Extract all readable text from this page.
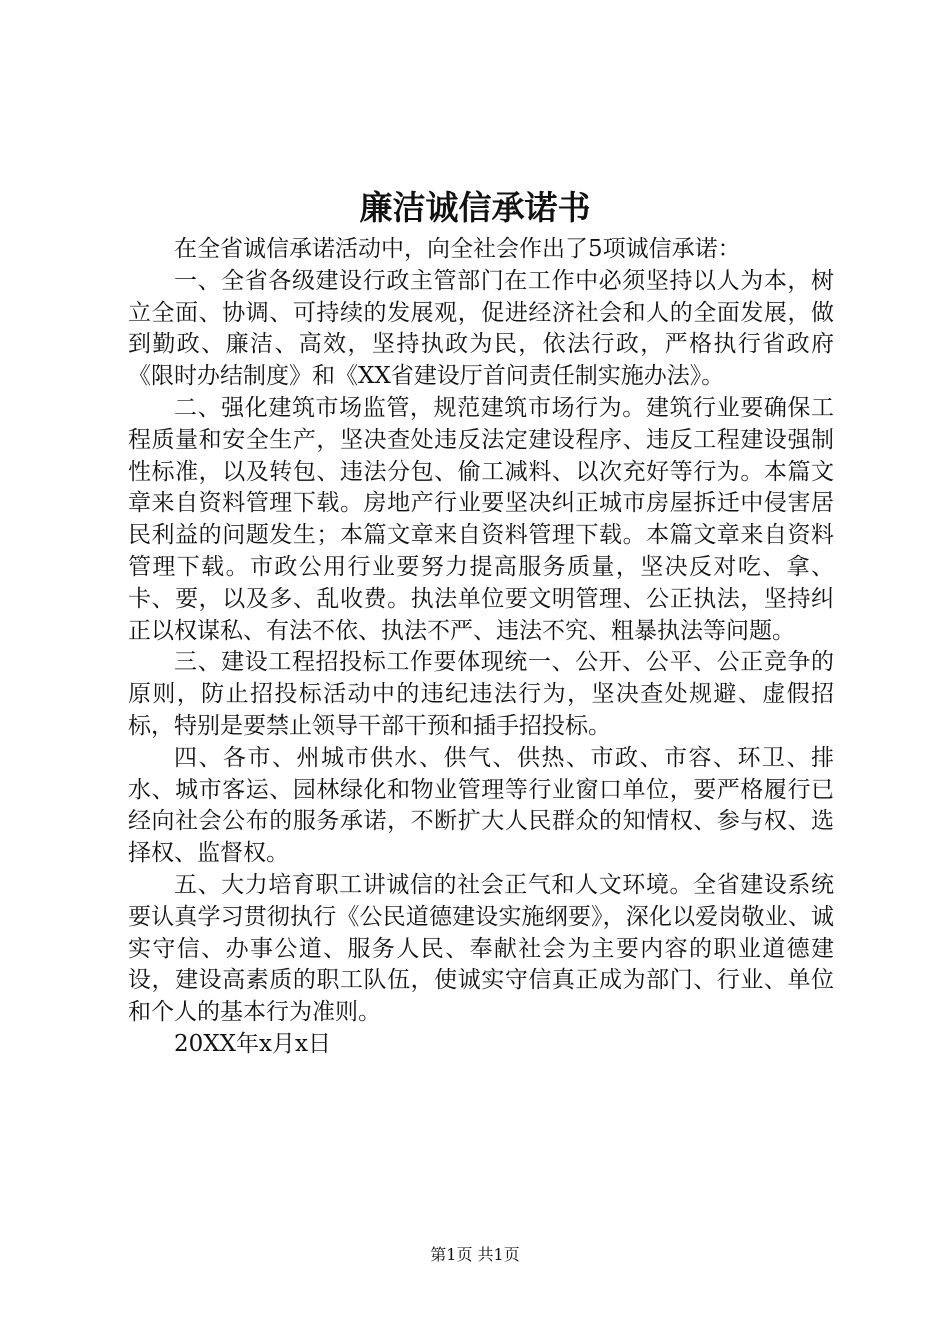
廉洁诚信承诺书

在全省诚信承诺活动中，向全社会作出了5项诚信承诺：

一、全省各级建设行政主管部门在工作中必须坚持以人为本，树立全面、协调、可持续的发展观，促进经济社会和人的全面发展，做到勤政、廉洁、高效，坚持执政为民，依法行政，严格执行省政府《限时办结制度》和《XX省建设厅首问责任制实施办法》。

二、强化建筑市场监管，规范建筑市场行为。建筑行业要确保工程质量和安全生产，坚决查处违反法定建设程序、违反工程建设强制性标准，以及转包、违法分包、偷工减料、以次充好等行为。本篇文章来自资料管理下载。房地产行业要坚决纠正城市房屋拆迁中侵害居民利益的问题发生；本篇文章来自资料管理下载。本篇文章来自资料管理下载。市政公用行业要努力提高服务质量，坚决反对吃、拿、卡、要，以及多、乱收费。执法单位要文明管理、公正执法，坚持纠正以权谋私、有法不依、执法不严、违法不究、粗暴执法等问题。

三、建设工程招投标工作要体现统一、公开、公平、公正竞争的原则，防止招投标活动中的违纪违法行为，坚决查处规避、虚假招标，特别是要禁止领导干部干预和插手招投标。

四、各市、州城市供水、供气、供热、市政、市容、环卫、排水、城市客运、园林绿化和物业管理等行业窗口单位，要严格履行已经向社会公布的服务承诺，不断扩大人民群众的知情权、参与权、选择权、监督权。

五、大力培育职工讲诚信的社会正气和人文环境。全省建设系统要认真学习贯彻执行《公民道德建设实施纲要》，深化以爱岗敬业、诚实守信、办事公道、服务人民、奉献社会为主要内容的职业道德建设，建设高素质的职工队伍，使诚实守信真正成为部门、行业、单位和个人的基本行为准则。

20XX年x月x日

第1页 共1页
